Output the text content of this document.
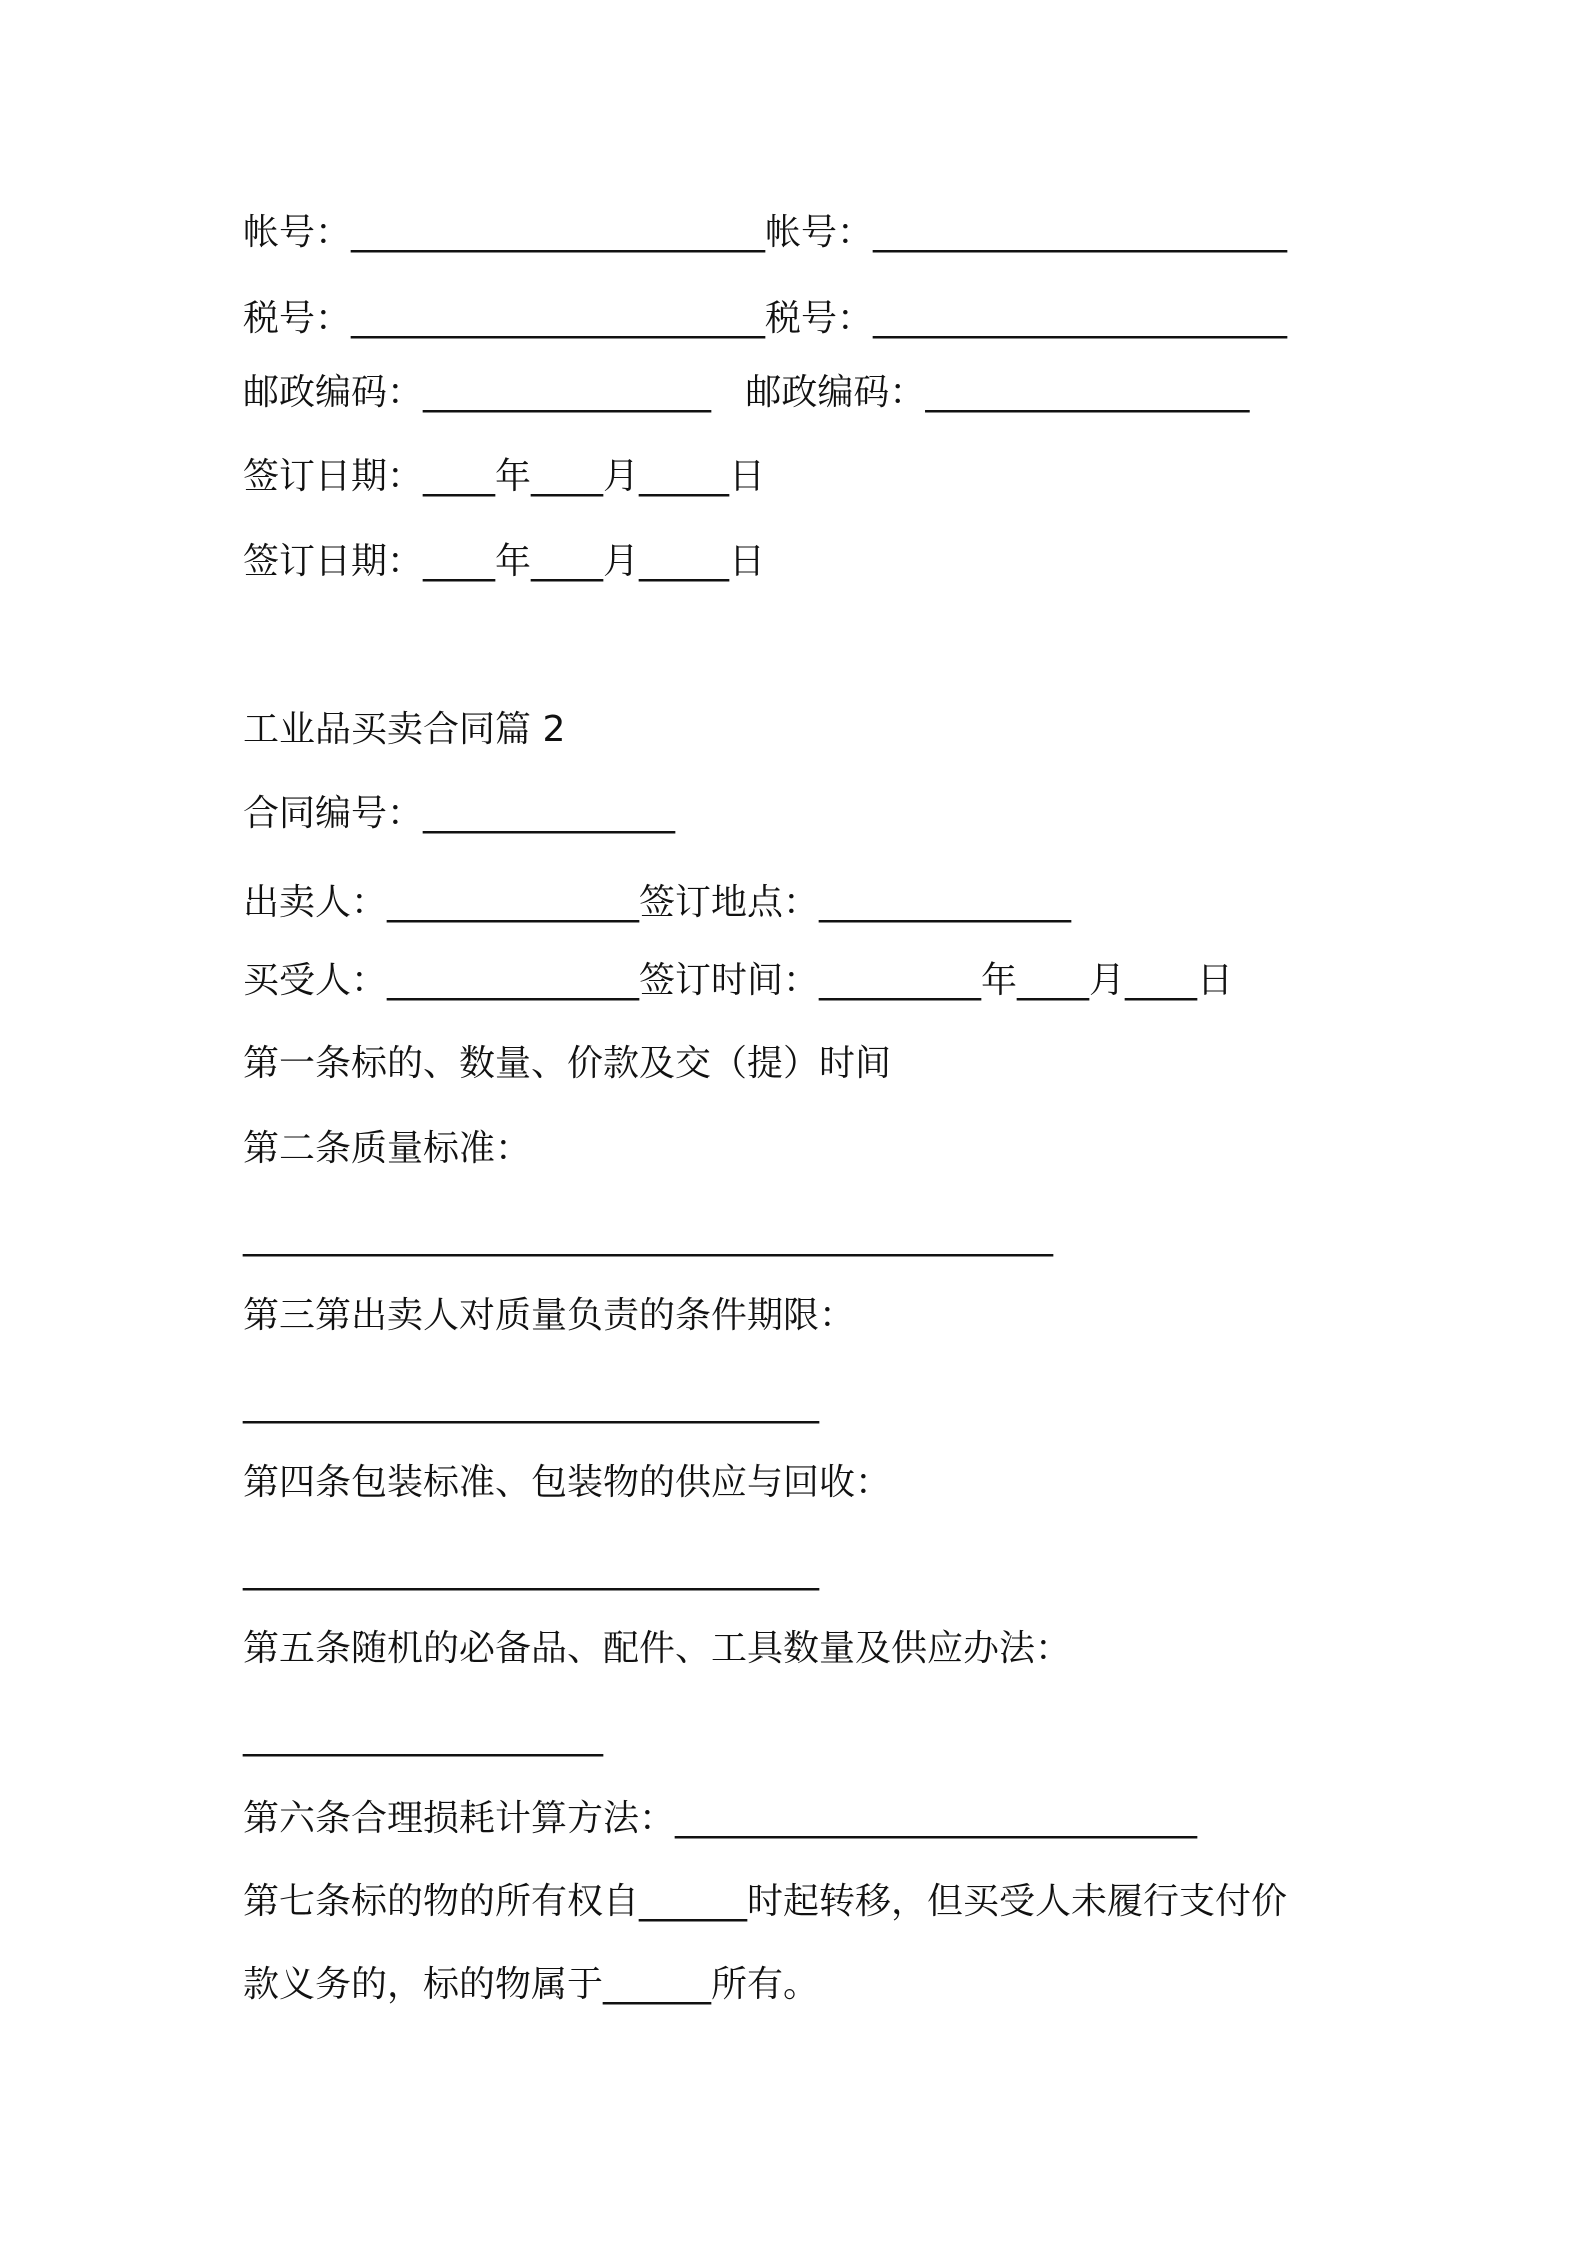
帐号：_______________________帐号：_______________________
税号：_______________________税号：_______________________
邮政编码：________________   邮政编码：__________________
签订日期：____年____月_____日
签订日期：____年____月_____日
工业品买卖合同篇 2
合同编号：______________
出卖人：______________签订地点：______________
买受人：______________签订时间：_________年____月____日
第一条标的、数量、价款及交（提）时间
第二条质量标准：
_____________________________________________
第三第出卖人对质量负责的条件期限：
________________________________
第四条包装标准、包装物的供应与回收：
________________________________
第五条随机的必备品、配件、工具数量及供应办法：
____________________
第六条合理损耗计算方法：_____________________________
第七条标的物的所有权自______时起转移，但买受人未履行支付价
款义务的，标的物属于______所有。
